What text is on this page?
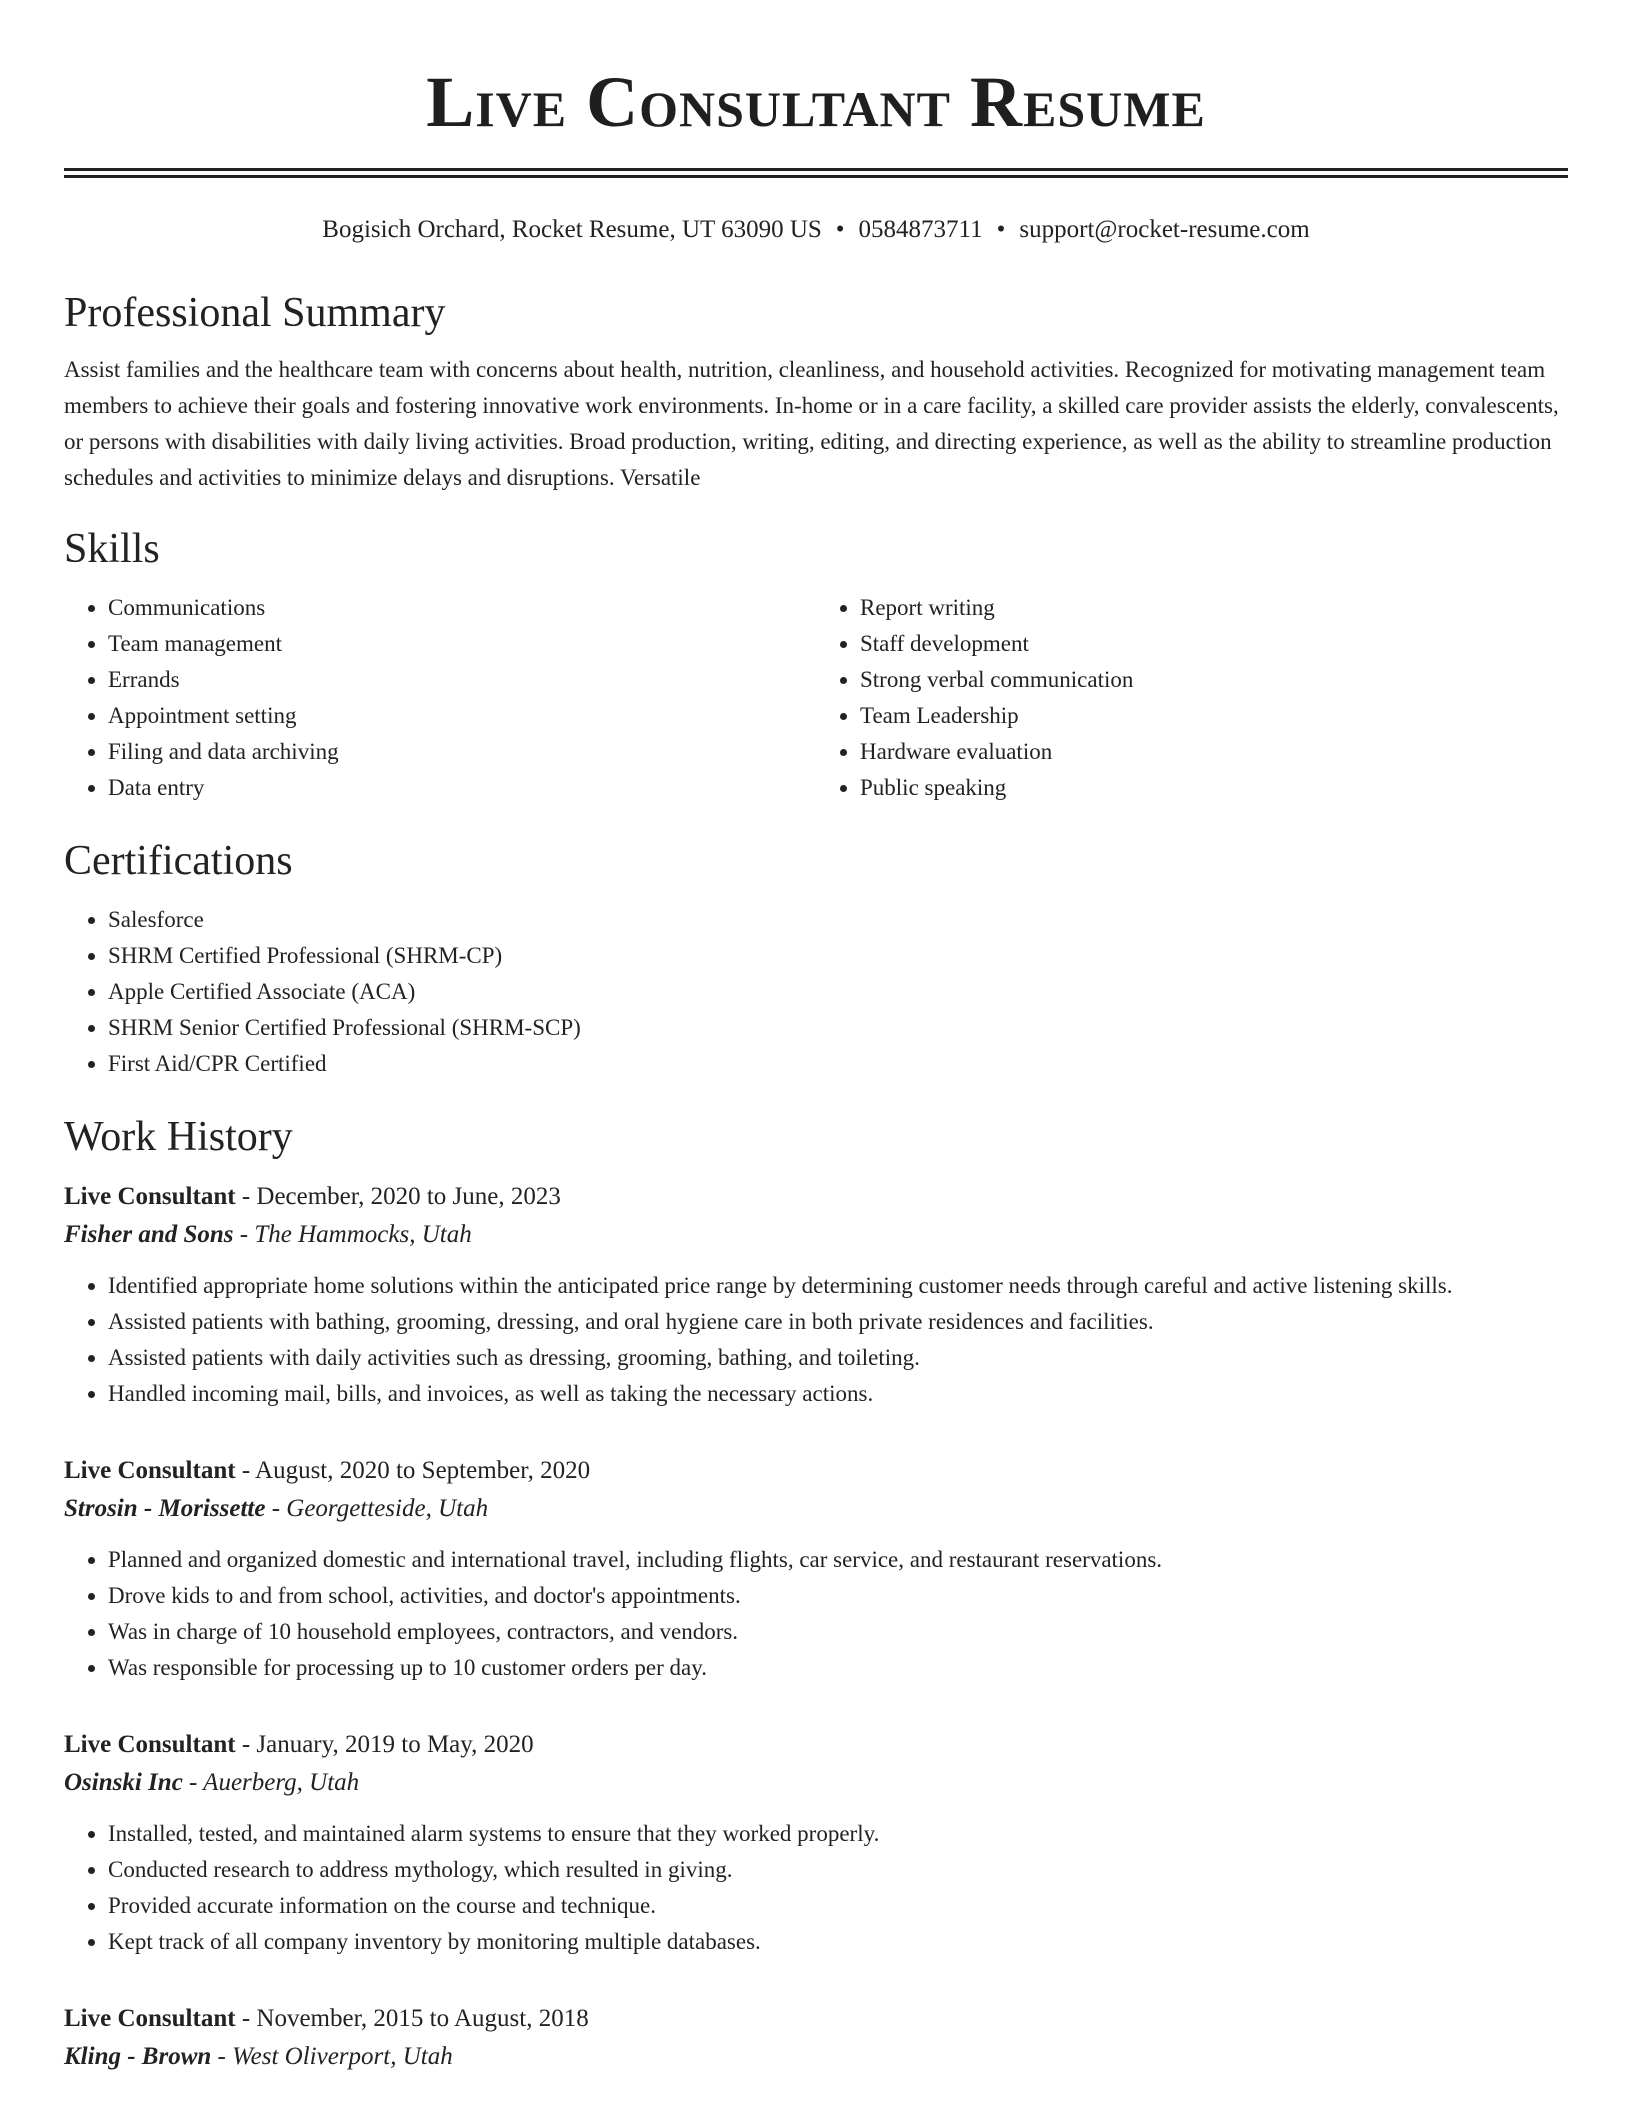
Live Consultant Resume
Bogisich Orchard, Rocket Resume, UT 63090 US • 0584873711 • support@rocket-resume.com
Professional Summary

Assist families and the healthcare team with concerns about health, nutrition, cleanliness, and household activities. Recognized for motivating management team members to achieve their goals and fostering innovative work environments. In-home or in a care facility, a skilled care provider assists the elderly, convalescents, or persons with disabilities with daily living activities. Broad production, writing, editing, and directing experience, as well as the ability to streamline production schedules and activities to minimize delays and disruptions. Versatile

Skills
• Communications
• Team management
• Errands
• Appointment setting
• Filing and data archiving
• Data entry
• Report writing
• Staff development
• Strong verbal communication
• Team Leadership
• Hardware evaluation
• Public speaking
Certifications
• Salesforce
• SHRM Certified Professional (SHRM-CP)
• Apple Certified Associate (ACA)
• SHRM Senior Certified Professional (SHRM-SCP)
• First Aid/CPR Certified
Work History
Live Consultant - December, 2020 to June, 2023
Fisher and Sons - The Hammocks, Utah
• Identified appropriate home solutions within the anticipated price range by determining customer needs through careful and active listening skills.
• Assisted patients with bathing, grooming, dressing, and oral hygiene care in both private residences and facilities.
• Assisted patients with daily activities such as dressing, grooming, bathing, and toileting.
• Handled incoming mail, bills, and invoices, as well as taking the necessary actions.
Live Consultant - August, 2020 to September, 2020
Strosin - Morissette - Georgetteside, Utah
• Planned and organized domestic and international travel, including flights, car service, and restaurant reservations.
• Drove kids to and from school, activities, and doctor's appointments.
• Was in charge of 10 household employees, contractors, and vendors.
• Was responsible for processing up to 10 customer orders per day.
Live Consultant - January, 2019 to May, 2020
Osinski Inc - Auerberg, Utah
• Installed, tested, and maintained alarm systems to ensure that they worked properly.
• Conducted research to address mythology, which resulted in giving.
• Provided accurate information on the course and technique.
• Kept track of all company inventory by monitoring multiple databases.
Live Consultant - November, 2015 to August, 2018
Kling - Brown - West Oliverport, Utah
